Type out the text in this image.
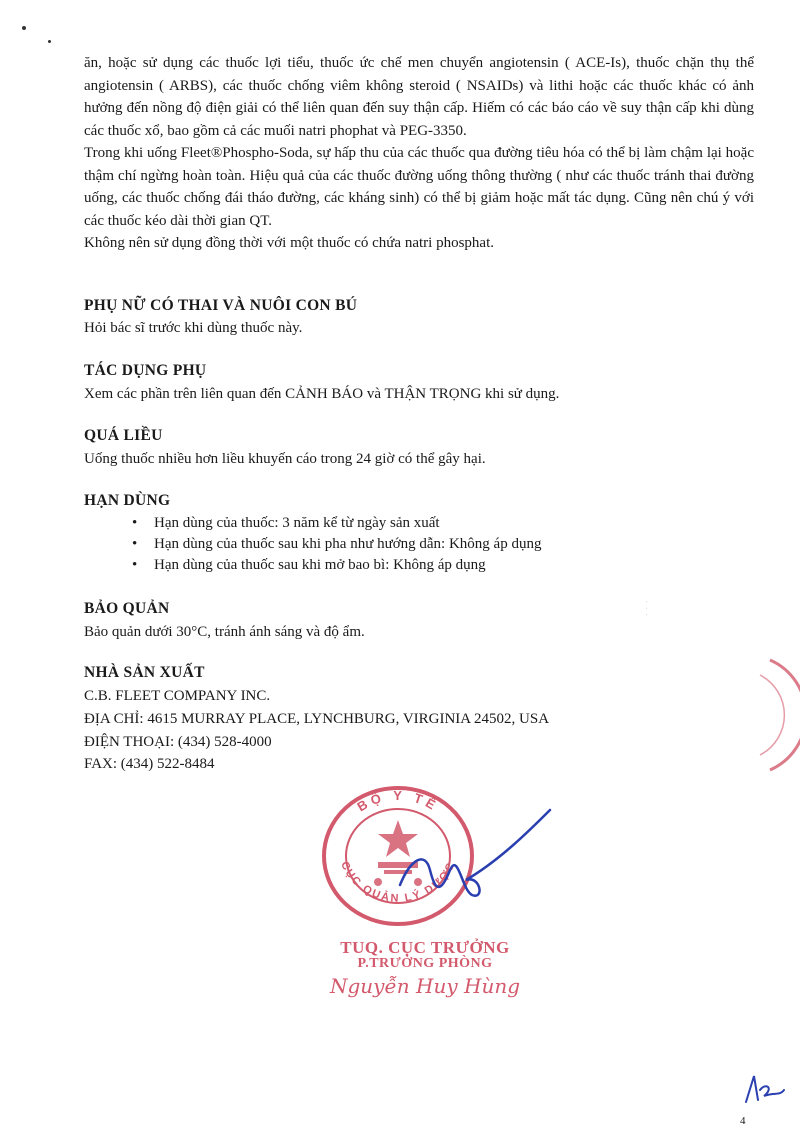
ăn, hoặc sử dụng các thuốc lợi tiểu, thuốc ức chế men chuyển angiotensin ( ACE-Is), thuốc chặn thụ thể angiotensin ( ARBS), các thuốc chống viêm không steroid ( NSAIDs) và lithi hoặc các thuốc khác có ảnh hưởng đến nồng độ điện giải có thể liên quan đến suy thận cấp. Hiếm có các báo cáo về suy thận cấp khi dùng các thuốc xổ, bao gồm cả các muối natri phophat và PEG-3350.

Trong khi uống Fleet®Phospho-Soda, sự hấp thu của các thuốc qua đường tiêu hóa có thể bị làm chậm lại hoặc thậm chí ngừng hoàn toàn. Hiệu quả của các thuốc đường uống thông thường ( như các thuốc tránh thai đường uống, các thuốc chống đái tháo đường, các kháng sinh) có thể bị giảm hoặc mất tác dụng. Cũng nên chú ý với các thuốc kéo dài thời gian QT.

Không nên sử dụng đồng thời với một thuốc có chứa natri phosphat.

PHỤ NỮ CÓ THAI VÀ NUÔI CON BÚ
Hỏi bác sĩ trước khi dùng thuốc này.
TÁC DỤNG PHỤ
Xem các phần trên liên quan đến CẢNH BÁO và THẬN TRỌNG khi sử dụng.
QUÁ LIỀU
Uống thuốc nhiều hơn liều khuyến cáo trong 24 giờ có thể gây hại.
HẠN DÙNG
• Hạn dùng của thuốc: 3 năm kể từ ngày sản xuất
• Hạn dùng của thuốc sau khi pha như hướng dẫn: Không áp dụng
• Hạn dùng của thuốc sau khi mở bao bì: Không áp dụng
BẢO QUẢN
Bảo quản dưới 30°C, tránh ánh sáng và độ ẩm.
NHÀ SẢN XUẤT
C.B. FLEET COMPANY INC.
ĐỊA CHỈ: 4615 MURRAY PLACE, LYNCHBURG, VIRGINIA 24502, USA
ĐIỆN THOẠI: (434) 528-4000
FAX: (434) 522-8484
· · ·
BỘ Y TẾ
CỤC QUẢN LÝ DƯỢC
TUQ. CỤC TRƯỞNG
P.TRƯỞNG PHÒNG
Nguyễn Huy Hùng
4
